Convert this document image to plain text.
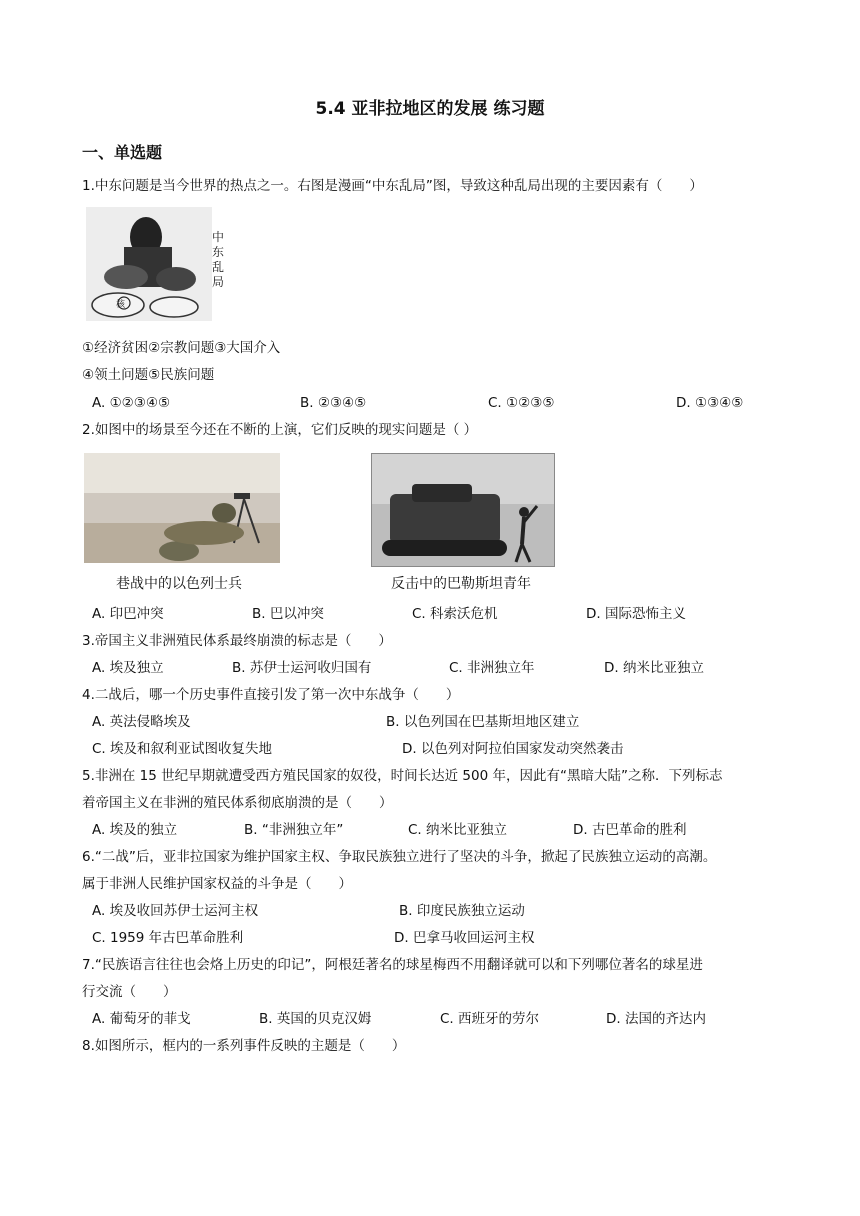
5.4 亚非拉地区的发展 练习题
一、单选题
1.中东问题是当今世界的热点之一。右图是漫画“中东乱局”图，导致这种乱局出现的主要因素有（　　）
核
中东乱局
①经济贫困②宗教问题③大国介入
④领土问题⑤民族问题
A. ①②③④⑤	B. ②③④⑤	C. ①②③⑤	D. ①③④⑤
2.如图中的场景至今还在不断的上演，它们反映的现实问题是（ ）
巷战中的以色列士兵	反击中的巴勒斯坦青年
A. 印巴冲突	B. 巴以冲突	C. 科索沃危机	D. 国际恐怖主义
3.帝国主义非洲殖民体系最终崩溃的标志是（　　）
A. 埃及独立	B. 苏伊士运河收归国有	C. 非洲独立年	D. 纳米比亚独立
4.二战后，哪一个历史事件直接引发了第一次中东战争（　　）
A. 英法侵略埃及	B. 以色列国在巴基斯坦地区建立
C. 埃及和叙利亚试图收复失地	D. 以色列对阿拉伯国家发动突然袭击
5.非洲在 15 世纪早期就遭受西方殖民国家的奴役，时间长达近 500 年，因此有“黑暗大陆”之称．下列标志
着帝国主义在非洲的殖民体系彻底崩溃的是（　　）
A. 埃及的独立	B. “非洲独立年”	C. 纳米比亚独立	D. 古巴革命的胜利
6.“二战”后，亚非拉国家为维护国家主权、争取民族独立进行了坚决的斗争，掀起了民族独立运动的高潮。
属于非洲人民维护国家权益的斗争是（　　）
A. 埃及收回苏伊士运河主权	B. 印度民族独立运动
C. 1959 年古巴革命胜利	D. 巴拿马收回运河主权
7.“民族语言往往也会烙上历史的印记”，阿根廷著名的球星梅西不用翻译就可以和下列哪位著名的球星进
行交流（　　）
A. 葡萄牙的菲戈	B. 英国的贝克汉姆	C. 西班牙的劳尔	D. 法国的齐达内
8.如图所示，框内的一系列事件反映的主题是（　　）
